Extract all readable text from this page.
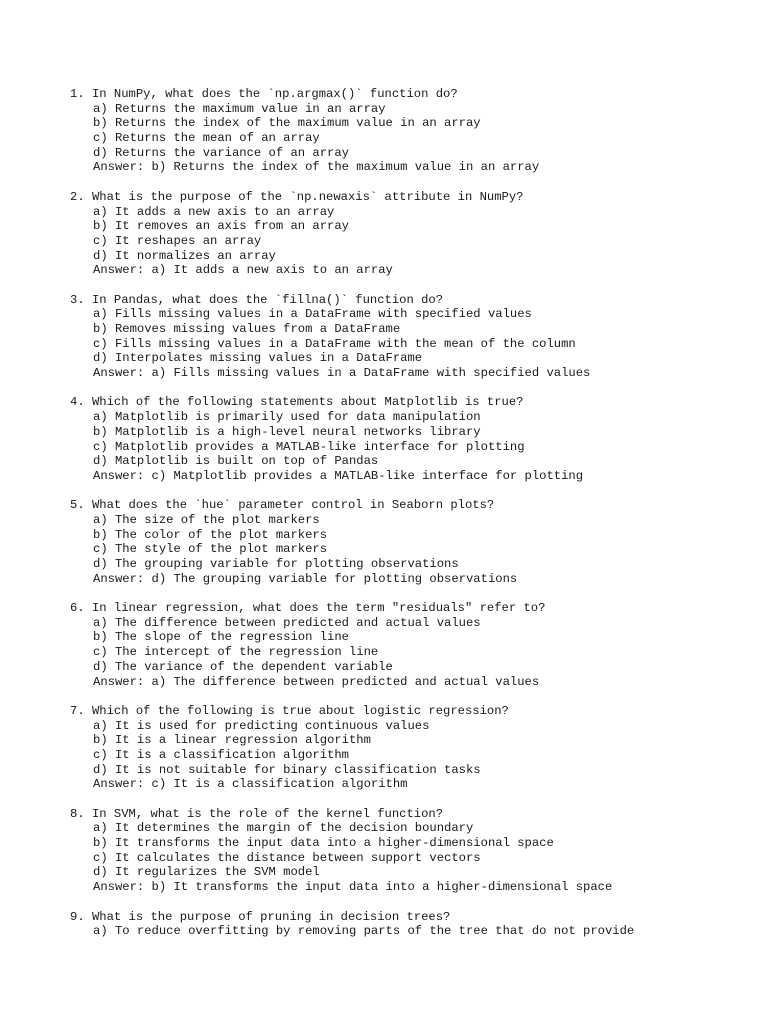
1. In NumPy, what does the `np.argmax()` function do?
a) Returns the maximum value in an array
b) Returns the index of the maximum value in an array
c) Returns the mean of an array
d) Returns the variance of an array
Answer: b) Returns the index of the maximum value in an array
2. What is the purpose of the `np.newaxis` attribute in NumPy?
a) It adds a new axis to an array
b) It removes an axis from an array
c) It reshapes an array
d) It normalizes an array
Answer: a) It adds a new axis to an array
3. In Pandas, what does the `fillna()` function do?
a) Fills missing values in a DataFrame with specified values
b) Removes missing values from a DataFrame
c) Fills missing values in a DataFrame with the mean of the column
d) Interpolates missing values in a DataFrame
Answer: a) Fills missing values in a DataFrame with specified values
4. Which of the following statements about Matplotlib is true?
a) Matplotlib is primarily used for data manipulation
b) Matplotlib is a high-level neural networks library
c) Matplotlib provides a MATLAB-like interface for plotting
d) Matplotlib is built on top of Pandas
Answer: c) Matplotlib provides a MATLAB-like interface for plotting
5. What does the `hue` parameter control in Seaborn plots?
a) The size of the plot markers
b) The color of the plot markers
c) The style of the plot markers
d) The grouping variable for plotting observations
Answer: d) The grouping variable for plotting observations
6. In linear regression, what does the term "residuals" refer to?
a) The difference between predicted and actual values
b) The slope of the regression line
c) The intercept of the regression line
d) The variance of the dependent variable
Answer: a) The difference between predicted and actual values
7. Which of the following is true about logistic regression?
a) It is used for predicting continuous values
b) It is a linear regression algorithm
c) It is a classification algorithm
d) It is not suitable for binary classification tasks
Answer: c) It is a classification algorithm
8. In SVM, what is the role of the kernel function?
a) It determines the margin of the decision boundary
b) It transforms the input data into a higher-dimensional space
c) It calculates the distance between support vectors
d) It regularizes the SVM model
Answer: b) It transforms the input data into a higher-dimensional space
9. What is the purpose of pruning in decision trees?
a) To reduce overfitting by removing parts of the tree that do not provide
